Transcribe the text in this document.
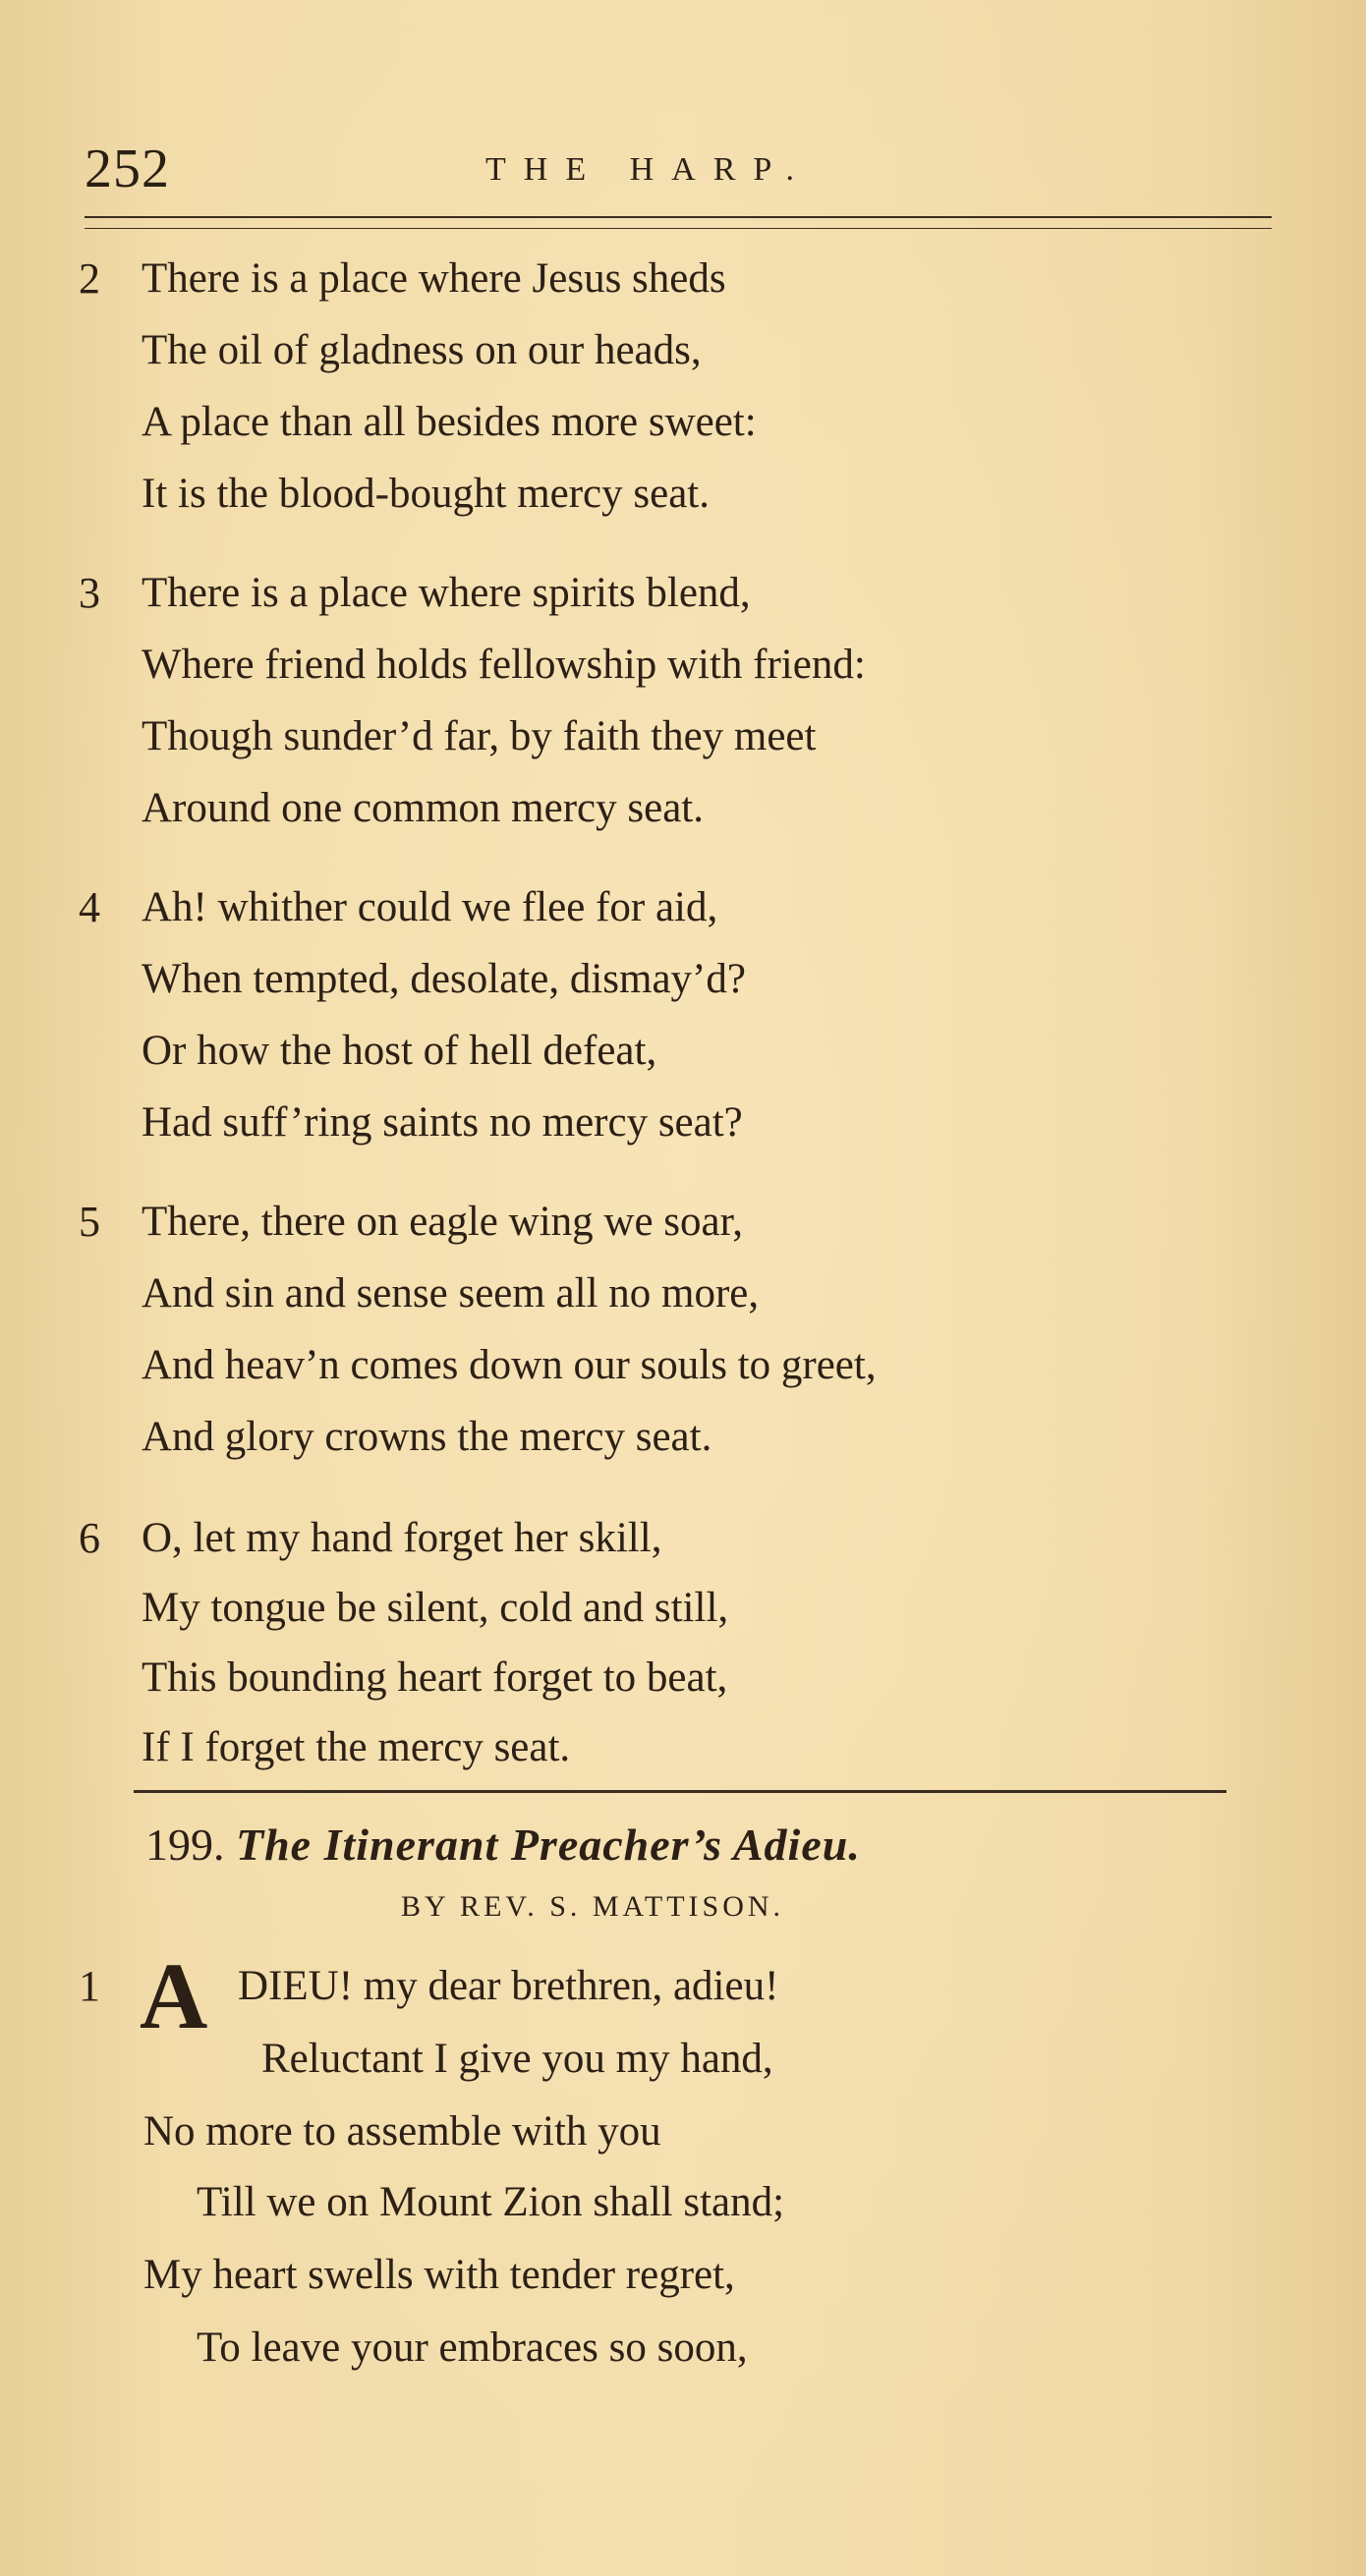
252	THE HARP.
2 There is a place where Jesus sheds
The oil of gladness on our heads,
A place than all besides more sweet:
It is the blood-bought mercy seat.
3 There is a place where spirits blend,
Where friend holds fellowship with friend:
Though sunder’d far, by faith they meet
Around one common mercy seat.
4 Ah! whither could we flee for aid,
When tempted, desolate, dismay’d?
Or how the host of hell defeat,
Had suff’ring saints no mercy seat?
5 There, there on eagle wing we soar,
And sin and sense seem all no more,
And heav’n comes down our souls to greet,
And glory crowns the mercy seat.
6 O, let my hand forget her skill,
My tongue be silent, cold and still,
This bounding heart forget to beat,
If I forget the mercy seat.
199. The Itinerant Preacher’s Adieu.
BY REV. S. MATTISON.
1 A DIEU! my dear brethren, adieu!
Reluctant I give you my hand,
No more to assemble with you
Till we on Mount Zion shall stand;
My heart swells with tender regret,
To leave your embraces so soon,
